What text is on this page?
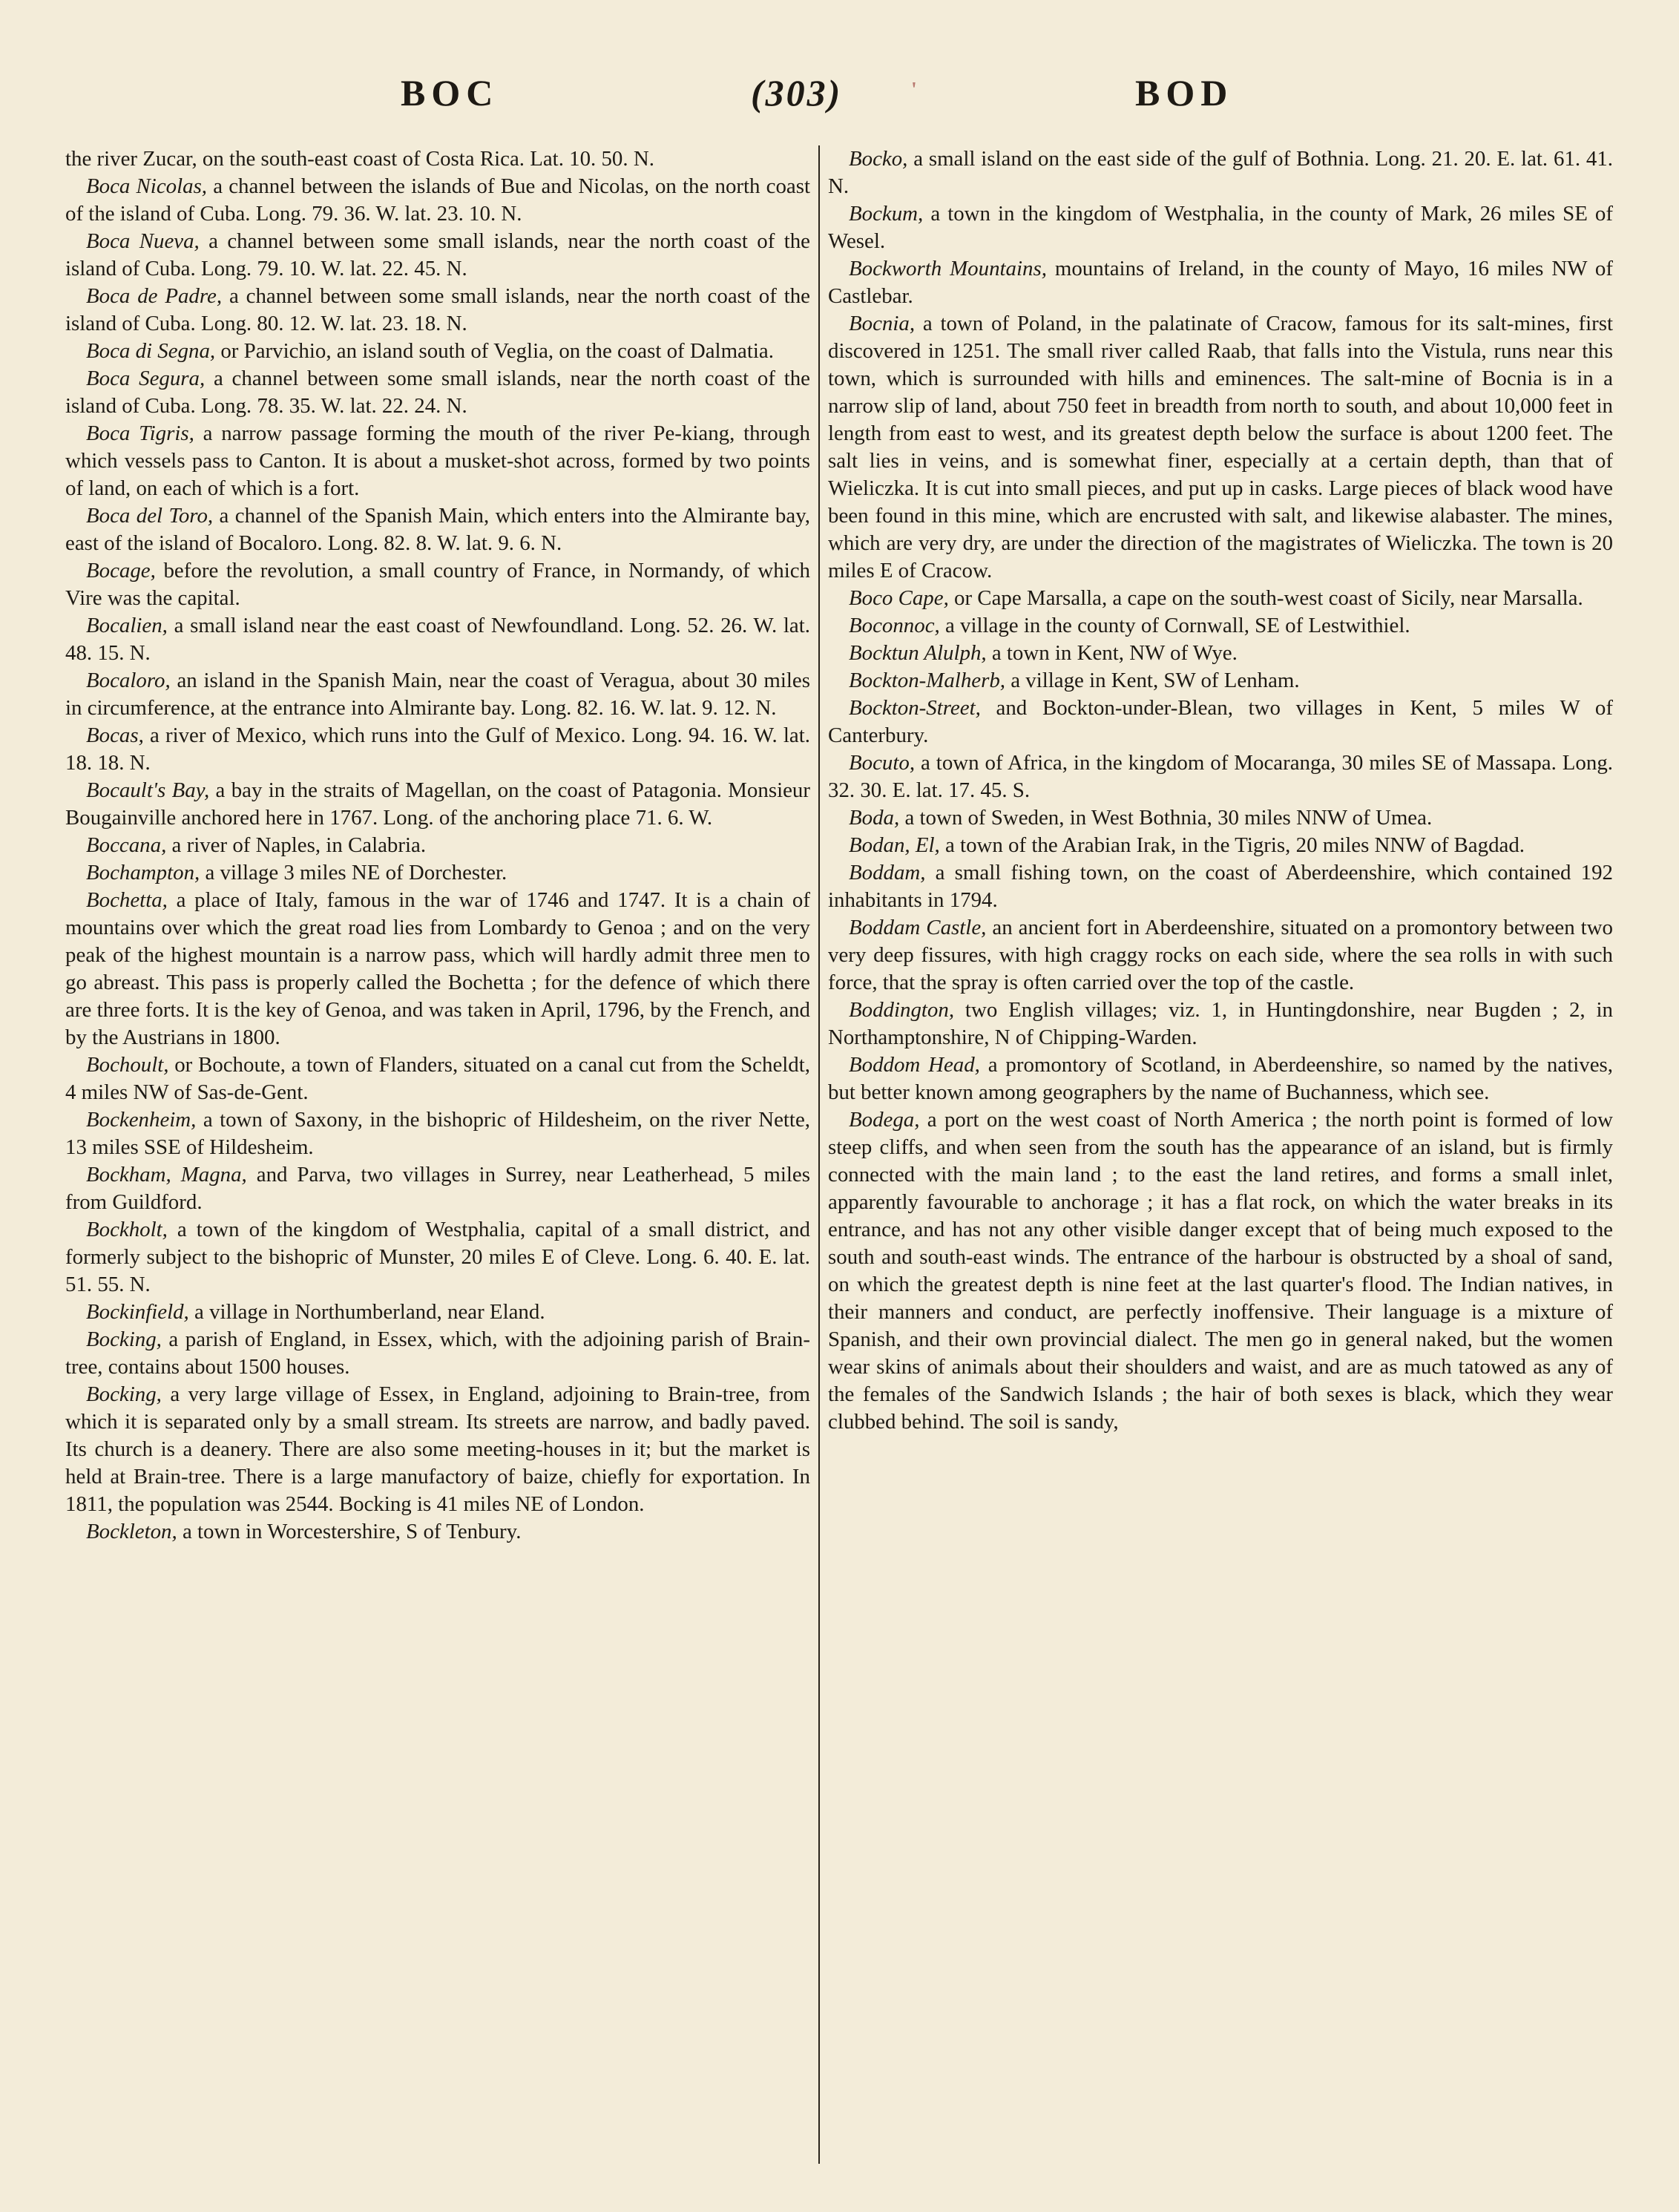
BOC	(303)	'	BOD

the river Zucar, on the south-east coast of Costa Rica. Lat. 10. 50. N.

Boca Nicolas, a channel between the islands of Bue and Nicolas, on the north coast of the island of Cuba. Long. 79. 36. W. lat. 23. 10. N.

Boca Nueva, a channel between some small islands, near the north coast of the island of Cuba. Long. 79. 10. W. lat. 22. 45. N.

Boca de Padre, a channel between some small islands, near the north coast of the island of Cuba. Long. 80. 12. W. lat. 23. 18. N.

Boca di Segna, or Parvichio, an island south of Veglia, on the coast of Dalmatia.

Boca Segura, a channel between some small islands, near the north coast of the island of Cuba. Long. 78. 35. W. lat. 22. 24. N.

Boca Tigris, a narrow passage forming the mouth of the river Pe-kiang, through which vessels pass to Canton. It is about a musket-shot across, formed by two points of land, on each of which is a fort.

Boca del Toro, a channel of the Spanish Main, which enters into the Almirante bay, east of the island of Bocaloro. Long. 82. 8. W. lat. 9. 6. N.

Bocage, before the revolution, a small country of France, in Normandy, of which Vire was the capital.

Bocalien, a small island near the east coast of Newfoundland. Long. 52. 26. W. lat. 48. 15. N.

Bocaloro, an island in the Spanish Main, near the coast of Veragua, about 30 miles in circumference, at the entrance into Almirante bay. Long. 82. 16. W. lat. 9. 12. N.

Bocas, a river of Mexico, which runs into the Gulf of Mexico. Long. 94. 16. W. lat. 18. 18. N.

Bocault's Bay, a bay in the straits of Magellan, on the coast of Patagonia. Monsieur Bougainville anchored here in 1767. Long. of the anchoring place 71. 6. W.

Boccana, a river of Naples, in Calabria.

Bochampton, a village 3 miles NE of Dorchester.

Bochetta, a place of Italy, famous in the war of 1746 and 1747. It is a chain of mountains over which the great road lies from Lombardy to Genoa ; and on the very peak of the highest mountain is a narrow pass, which will hardly admit three men to go abreast. This pass is properly called the Bochetta ; for the defence of which there are three forts. It is the key of Genoa, and was taken in April, 1796, by the French, and by the Austrians in 1800.

Bochoult, or Bochoute, a town of Flanders, situated on a canal cut from the Scheldt, 4 miles NW of Sas-de-Gent.

Bockenheim, a town of Saxony, in the bishopric of Hildesheim, on the river Nette, 13 miles SSE of Hildesheim.

Bockham, Magna, and Parva, two villages in Surrey, near Leatherhead, 5 miles from Guildford.

Bockholt, a town of the kingdom of Westphalia, capital of a small district, and formerly subject to the bishopric of Munster, 20 miles E of Cleve. Long. 6. 40. E. lat. 51. 55. N.

Bockinfield, a village in Northumberland, near Eland.

Bocking, a parish of England, in Essex, which, with the adjoining parish of Brain-tree, contains about 1500 houses.

Bocking, a very large village of Essex, in England, adjoining to Brain-tree, from which it is separated only by a small stream. Its streets are narrow, and badly paved. Its church is a deanery. There are also some meeting-houses in it; but the market is held at Brain-tree. There is a large manufactory of baize, chiefly for exportation. In 1811, the population was 2544. Bocking is 41 miles NE of London.

Bockleton, a town in Worcestershire, S of Tenbury.

Bocko, a small island on the east side of the gulf of Bothnia. Long. 21. 20. E. lat. 61. 41. N.

Bockum, a town in the kingdom of Westphalia, in the county of Mark, 26 miles SE of Wesel.

Bockworth Mountains, mountains of Ireland, in the county of Mayo, 16 miles NW of Castlebar.

Bocnia, a town of Poland, in the palatinate of Cracow, famous for its salt-mines, first discovered in 1251. The small river called Raab, that falls into the Vistula, runs near this town, which is surrounded with hills and eminences. The salt-mine of Bocnia is in a narrow slip of land, about 750 feet in breadth from north to south, and about 10,000 feet in length from east to west, and its greatest depth below the surface is about 1200 feet. The salt lies in veins, and is somewhat finer, especially at a certain depth, than that of Wieliczka. It is cut into small pieces, and put up in casks. Large pieces of black wood have been found in this mine, which are encrusted with salt, and likewise alabaster. The mines, which are very dry, are under the direction of the magistrates of Wieliczka. The town is 20 miles E of Cracow.

Boco Cape, or Cape Marsalla, a cape on the south-west coast of Sicily, near Marsalla.

Boconnoc, a village in the county of Cornwall, SE of Lestwithiel.

Bocktun Alulph, a town in Kent, NW of Wye.

Bockton-Malherb, a village in Kent, SW of Lenham.

Bockton-Street, and Bockton-under-Blean, two villages in Kent, 5 miles W of Canterbury.

Bocuto, a town of Africa, in the kingdom of Mocaranga, 30 miles SE of Massapa. Long. 32. 30. E. lat. 17. 45. S.

Boda, a town of Sweden, in West Bothnia, 30 miles NNW of Umea.

Bodan, El, a town of the Arabian Irak, in the Tigris, 20 miles NNW of Bagdad.

Boddam, a small fishing town, on the coast of Aberdeenshire, which contained 192 inhabitants in 1794.

Boddam Castle, an ancient fort in Aberdeenshire, situated on a promontory between two very deep fissures, with high craggy rocks on each side, where the sea rolls in with such force, that the spray is often carried over the top of the castle.

Boddington, two English villages; viz. 1, in Huntingdonshire, near Bugden ; 2, in Northamptonshire, N of Chipping-Warden.

Boddom Head, a promontory of Scotland, in Aberdeenshire, so named by the natives, but better known among geographers by the name of Buchanness, which see.

Bodega, a port on the west coast of North America ; the north point is formed of low steep cliffs, and when seen from the south has the appearance of an island, but is firmly connected with the main land ; to the east the land retires, and forms a small inlet, apparently favourable to anchorage ; it has a flat rock, on which the water breaks in its entrance, and has not any other visible danger except that of being much exposed to the south and south-east winds. The entrance of the harbour is obstructed by a shoal of sand, on which the greatest depth is nine feet at the last quarter's flood. The Indian natives, in their manners and conduct, are perfectly inoffensive. Their language is a mixture of Spanish, and their own provincial dialect. The men go in general naked, but the women wear skins of animals about their shoulders and waist, and are as much tatowed as any of the females of the Sandwich Islands ; the hair of both sexes is black, which they wear clubbed behind. The soil is sandy,
